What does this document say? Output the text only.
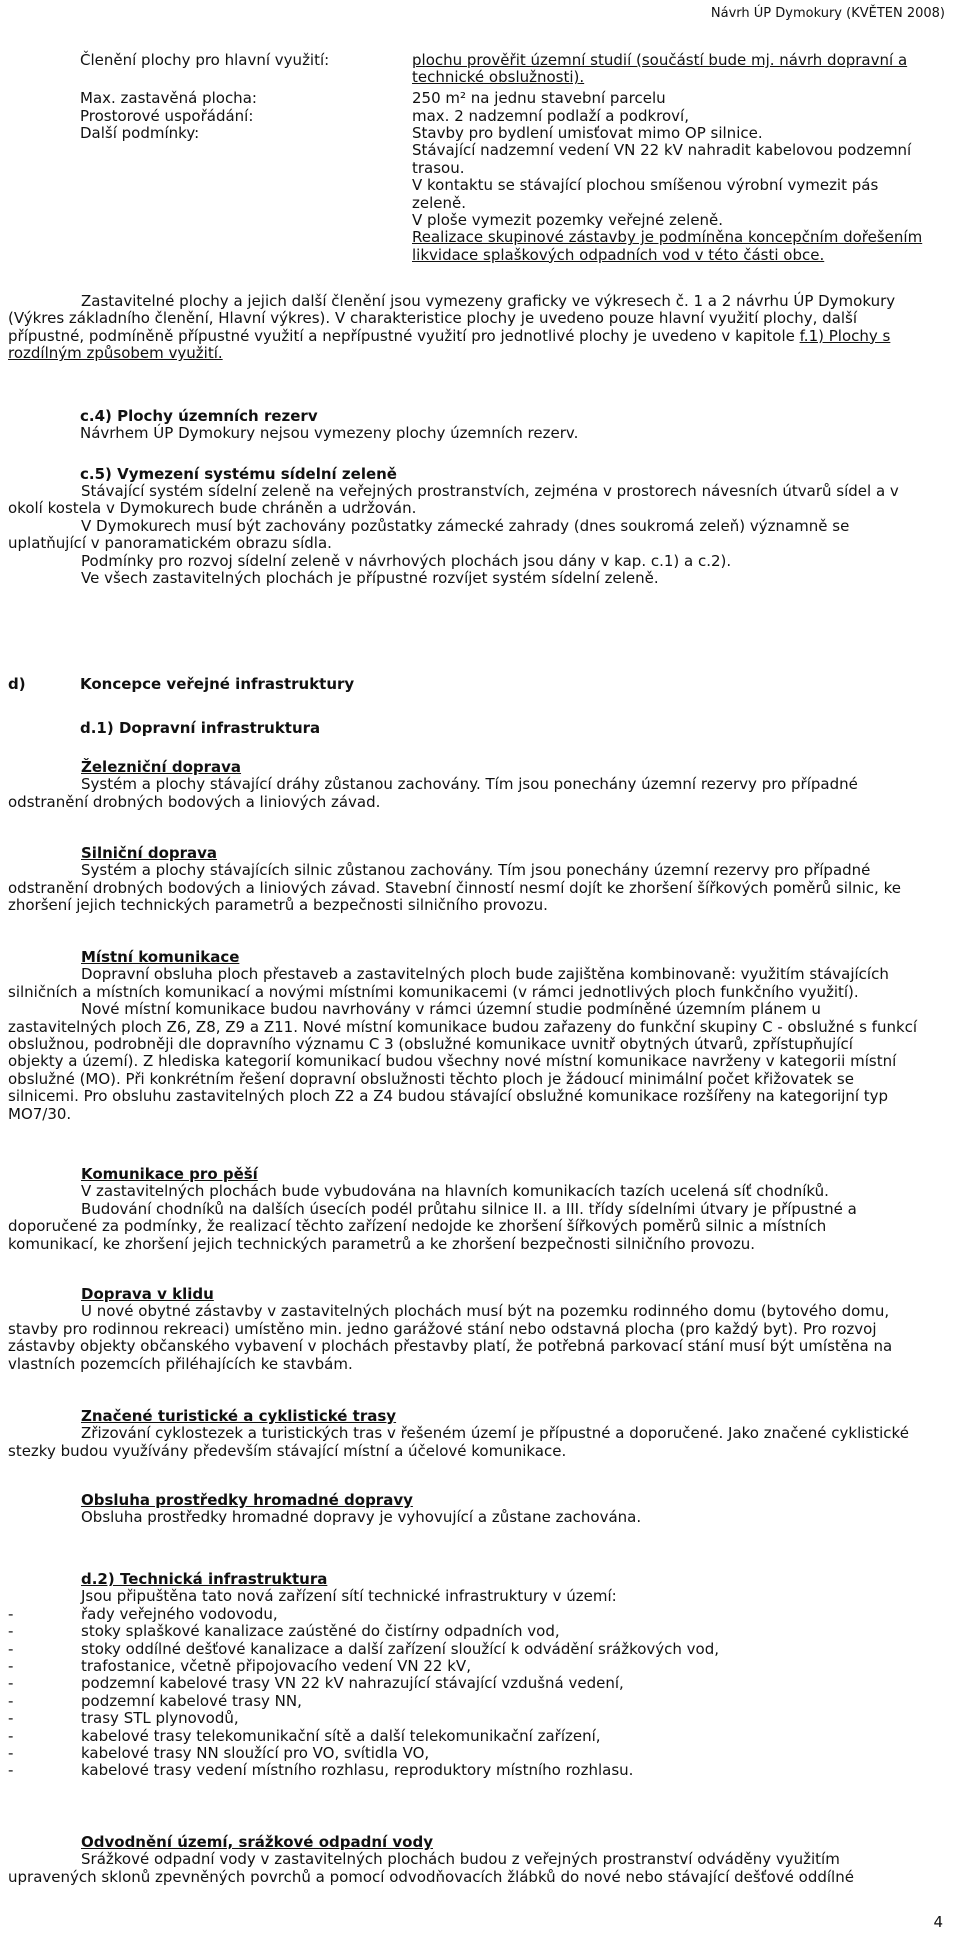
Návrh ÚP Dymokury (KVĚTEN 2008)
Členění plochy pro hlavní využití:	plochu prověřit územní studií (součástí bude mj. návrh dopravní a
technické obslužnosti).
Max. zastavěná plocha:	250 m² na jednu stavební parcelu
Prostorové uspořádání:	max. 2 nadzemní podlaží a podkroví,
Další podmínky:	Stavby pro bydlení umisťovat mimo OP silnice.
Stávající nadzemní vedení VN 22 kV nahradit kabelovou podzemní
trasou.
V kontaktu se stávající plochou smíšenou výrobní vymezit pás
zeleně.
V ploše vymezit pozemky veřejné zeleně.
Realizace skupinové zástavby je podmíněna koncepčním dořešením
likvidace splaškových odpadních vod v této části obce.
Zastavitelné plochy a jejich další členění jsou vymezeny graficky ve výkresech č. 1 a 2 návrhu ÚP Dymokury
(Výkres základního členění, Hlavní výkres). V charakteristice plochy je uvedeno pouze hlavní využití plochy, další
přípustné, podmíněně přípustné využití a nepřípustné využití pro jednotlivé plochy je uvedeno v kapitole f.1) Plochy s
rozdílným způsobem využití.
c.4) Plochy územních rezerv
Návrhem ÚP Dymokury nejsou vymezeny plochy územních rezerv.
c.5) Vymezení systému sídelní zeleně
Stávající systém sídelní zeleně na veřejných prostranstvích, zejména v prostorech návesních útvarů sídel a v
okolí kostela v Dymokurech bude chráněn a udržován.
V Dymokurech musí být zachovány pozůstatky zámecké zahrady (dnes soukromá zeleň) významně se
uplatňující v panoramatickém obrazu sídla.
Podmínky pro rozvoj sídelní zeleně v návrhových plochách jsou dány v kap. c.1) a c.2).
Ve všech zastavitelných plochách je přípustné rozvíjet systém sídelní zeleně.
d)	Koncepce veřejné infrastruktury
d.1) Dopravní infrastruktura
Železniční doprava
Systém a plochy stávající dráhy zůstanou zachovány. Tím jsou ponechány územní rezervy pro případné
odstranění drobných bodových a liniových závad.
Silniční doprava
Systém a plochy stávajících silnic zůstanou zachovány. Tím jsou ponechány územní rezervy pro případné
odstranění drobných bodových a liniových závad. Stavební činností nesmí dojít ke zhoršení šířkových poměrů silnic, ke
zhoršení jejich technických parametrů a bezpečnosti silničního provozu.
Místní komunikace
Dopravní obsluha ploch přestaveb a zastavitelných ploch bude zajištěna kombinovaně: využitím stávajících
silničních a místních komunikací a novými místními komunikacemi (v rámci jednotlivých ploch funkčního využití).
Nové místní komunikace budou navrhovány v rámci územní studie podmíněné územním plánem u
zastavitelných ploch Z6, Z8, Z9 a Z11. Nové místní komunikace budou zařazeny do funkční skupiny C - obslužné s funkcí
obslužnou, podrobněji dle dopravního významu C 3 (obslužné komunikace uvnitř obytných útvarů, zpřístupňující
objekty a území). Z hlediska kategorií komunikací budou všechny nové místní komunikace navrženy v kategorii místní
obslužné (MO). Při konkrétním řešení dopravní obslužnosti těchto ploch je žádoucí minimální počet křižovatek se
silnicemi. Pro obsluhu zastavitelných ploch Z2 a Z4 budou stávající obslužné komunikace rozšířeny na kategorijní typ
MO7/30.
Komunikace pro pěší
V zastavitelných plochách bude vybudována na hlavních komunikacích tazích ucelená síť chodníků.
Budování chodníků na dalších úsecích podél průtahu silnice II. a III. třídy sídelními útvary je přípustné a
doporučené za podmínky, že realizací těchto zařízení nedojde ke zhoršení šířkových poměrů silnic a místních
komunikací, ke zhoršení jejich technických parametrů a ke zhoršení bezpečnosti silničního provozu.
Doprava v klidu
U nové obytné zástavby v zastavitelných plochách musí být na pozemku rodinného domu (bytového domu,
stavby pro rodinnou rekreaci) umístěno min. jedno garážové stání nebo odstavná plocha (pro každý byt). Pro rozvoj
zástavby objekty občanského vybavení v plochách přestavby platí, že potřebná parkovací stání musí být umístěna na
vlastních pozemcích přiléhajících ke stavbám.
Značené turistické a cyklistické trasy
Zřizování cyklostezek a turistických tras v řešeném území je přípustné a doporučené. Jako značené cyklistické
stezky budou využívány především stávající místní a účelové komunikace.
Obsluha prostředky hromadné dopravy
Obsluha prostředky hromadné dopravy je vyhovující a zůstane zachována.
d.2) Technická infrastruktura
Jsou připuštěna tato nová zařízení sítí technické infrastruktury v území:
- řady veřejného vodovodu,
- stoky splaškové kanalizace zaústěné do čistírny odpadních vod,
- stoky oddílné dešťové kanalizace a další zařízení sloužící k odvádění srážkových vod,
- trafostanice, včetně připojovacího vedení VN 22 kV,
- podzemní kabelové trasy VN 22 kV nahrazující stávající vzdušná vedení,
- podzemní kabelové trasy NN,
- trasy STL plynovodů,
- kabelové trasy telekomunikační sítě a další telekomunikační zařízení,
- kabelové trasy NN sloužící pro VO, svítidla VO,
- kabelové trasy vedení místního rozhlasu, reproduktory místního rozhlasu.
Odvodnění území, srážkové odpadní vody
Srážkové odpadní vody v zastavitelných plochách budou z veřejných prostranství odváděny využitím
upravených sklonů zpevněných povrchů a pomocí odvodňovacích žlábků do nové nebo stávající dešťové oddílné
4
